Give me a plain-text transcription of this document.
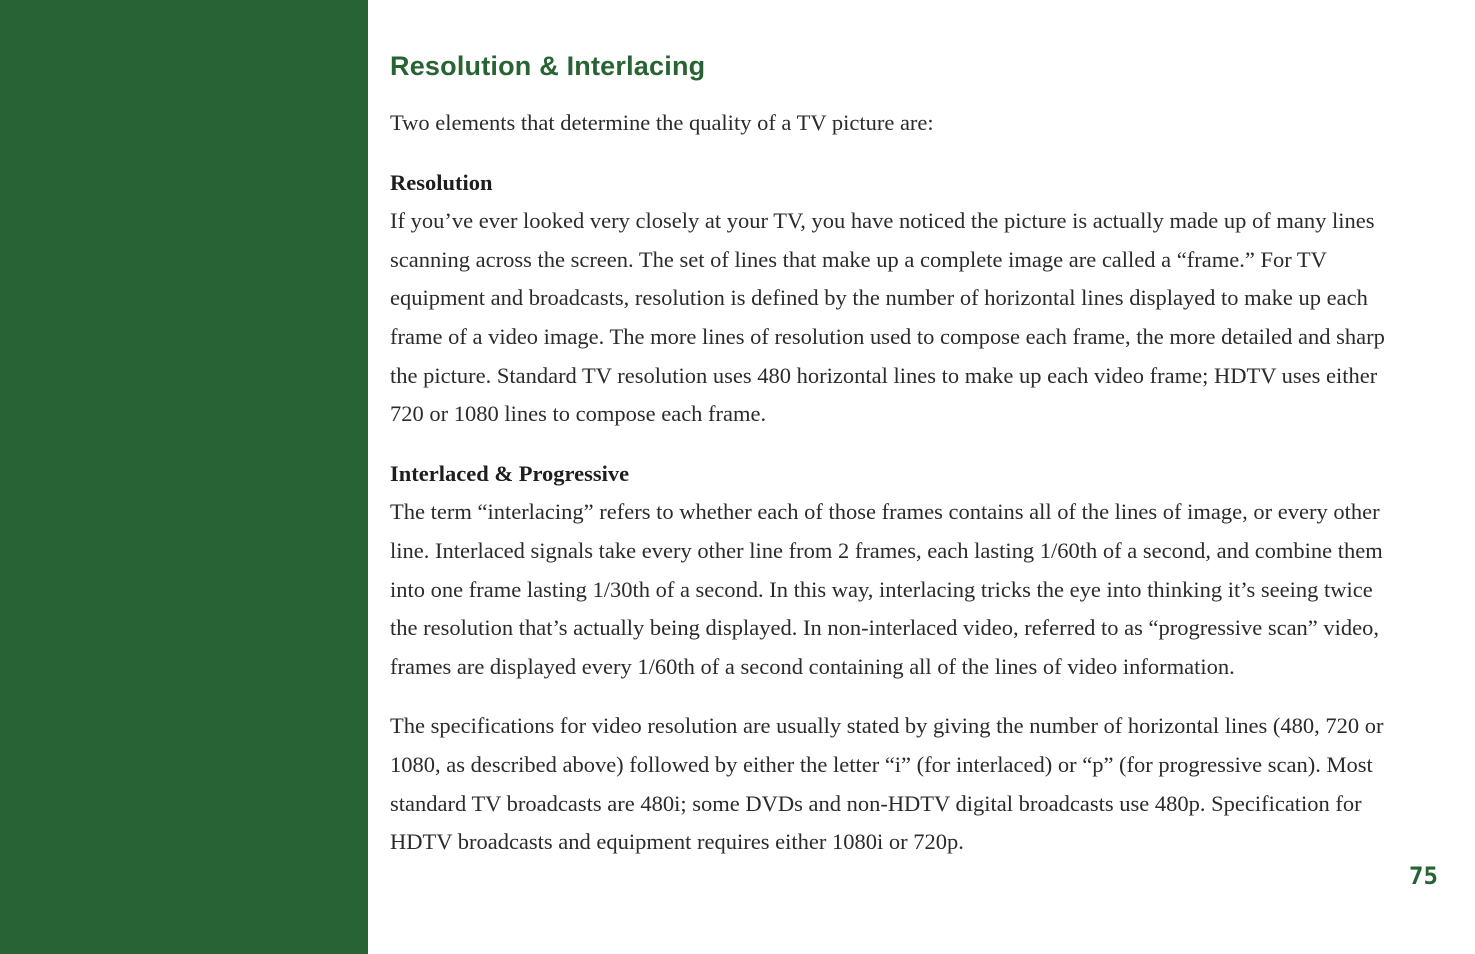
Resolution & Interlacing

Two elements that determine the quality of a TV picture are:

Resolution

If you’ve ever looked very closely at your TV, you have noticed the picture is actually made up of many lines scanning across the screen. The set of lines that make up a complete image are called a “frame.” For TV equipment and broadcasts, resolution is defined by the number of horizontal lines displayed to make up each frame of a video image. The more lines of resolution used to compose each frame, the more detailed and sharp the picture. Standard TV resolution uses 480 horizontal lines to make up each video frame; HDTV uses either 720 or 1080 lines to compose each frame.

Interlaced & Progressive

The term “interlacing” refers to whether each of those frames contains all of the lines of image, or every other line. Interlaced signals take every other line from 2 frames, each lasting 1/60th of a second, and combine them into one frame lasting 1/30th of a second. In this way, interlacing tricks the eye into thinking it’s seeing twice the resolution that’s actually being displayed. In non-interlaced video, referred to as “progressive scan” video, frames are displayed every 1/60th of a second containing all of the lines of video information.

The specifications for video resolution are usually stated by giving the number of horizontal lines (480, 720 or 1080, as described above) followed by either the letter “i” (for interlaced) or “p” (for progressive scan). Most standard TV broadcasts are 480i; some DVDs and non-HDTV digital broadcasts use 480p. Specification for HDTV broadcasts and equipment requires either 1080i or 720p.

75
